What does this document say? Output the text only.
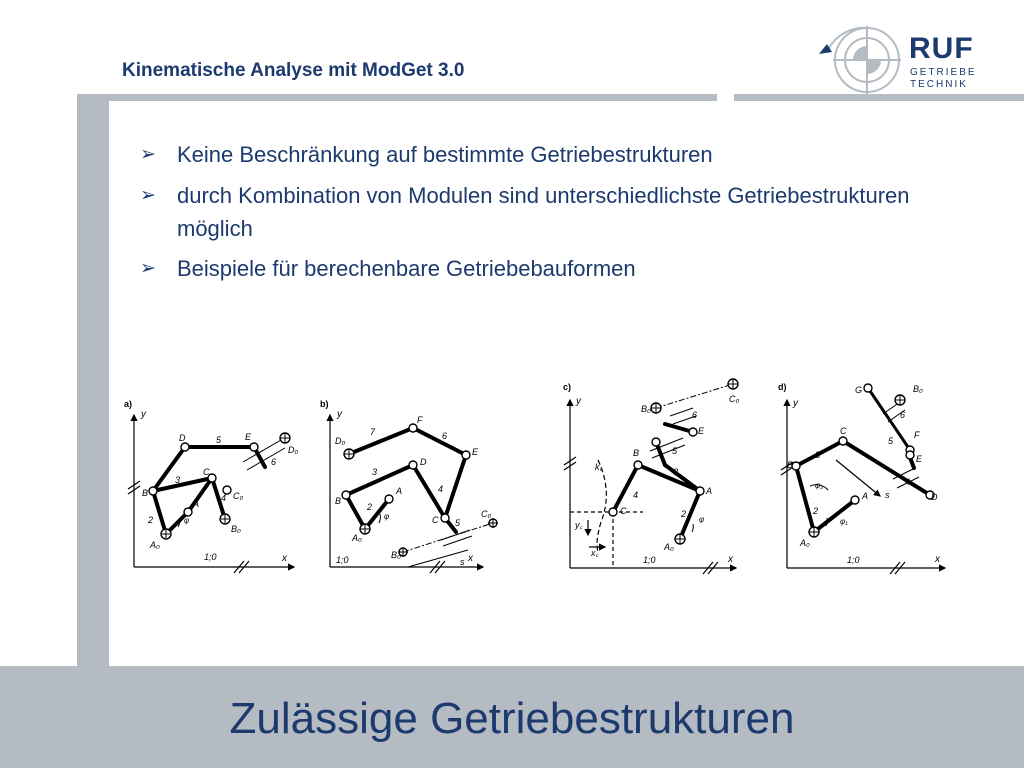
Kinematische Analyse mit ModGet 3.0
RUF
GETRIEBE
TECHNIK
➢ Keine Beschränkung auf bestimmte Getriebestrukturen
➢ durch Kombination von Modulen sind unterschiedlichste Getriebestrukturen möglich
➢ Beispiele für berechenbare Getriebebauformen
a)
y
x
1;0
φ
A₀
A
B
B₀
C
C₀
D
D₀
E
2
3
4
5
6
b)
y
x
1;0
φ
s
A₀
A
B
B₀
C
C₀
D
D₀
E
F
2
3
4
5
6
7
c)
y
x
1;0
φ
A₀
A
B
B₀
C
C₀
E
k꜀
y꜀
x꜀
2
3
4
5
6
d)
y
x
1;0
φ₁
φ₂
s
A₀
A
B
B₀
C
D
E
F
G
2
3
4
5
6
Zulässige Getriebestrukturen
